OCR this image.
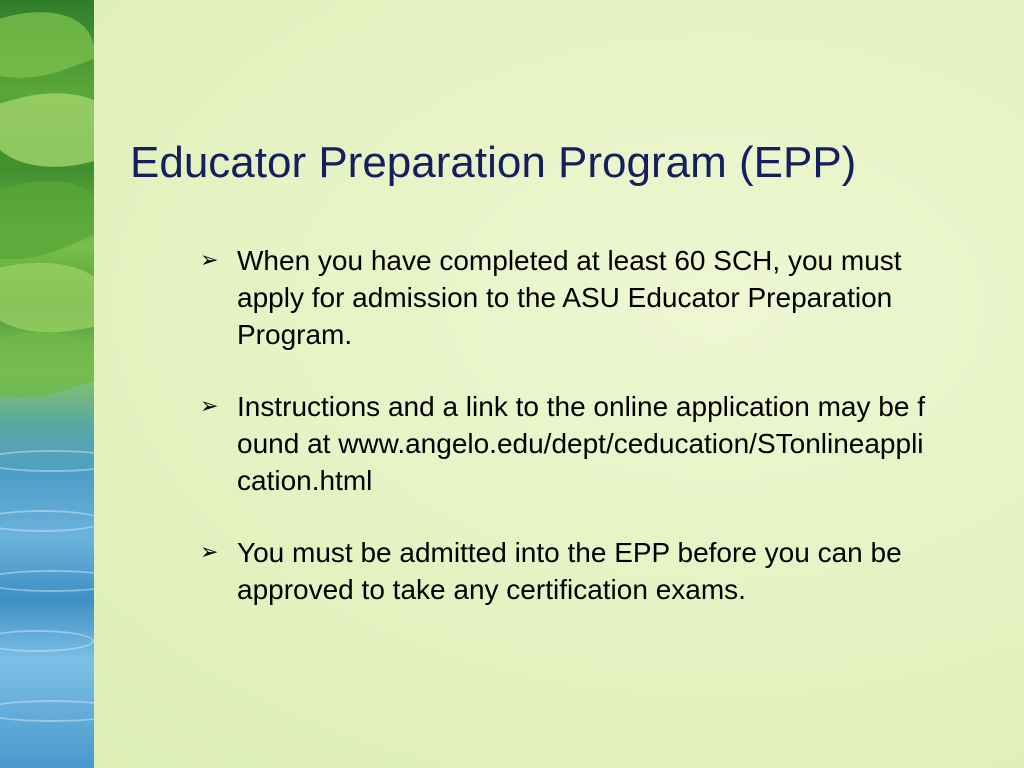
Educator Preparation Program (EPP)
➢ When you have completed at least 60 SCH, you must apply for admission to the ASU Educator Preparation Program.
➢ Instructions and a link to the online application may be found at www.angelo.edu/dept/ceducation/STonlineapplication.html
➢ You must be admitted into the EPP before you can be approved to take any certification exams.
